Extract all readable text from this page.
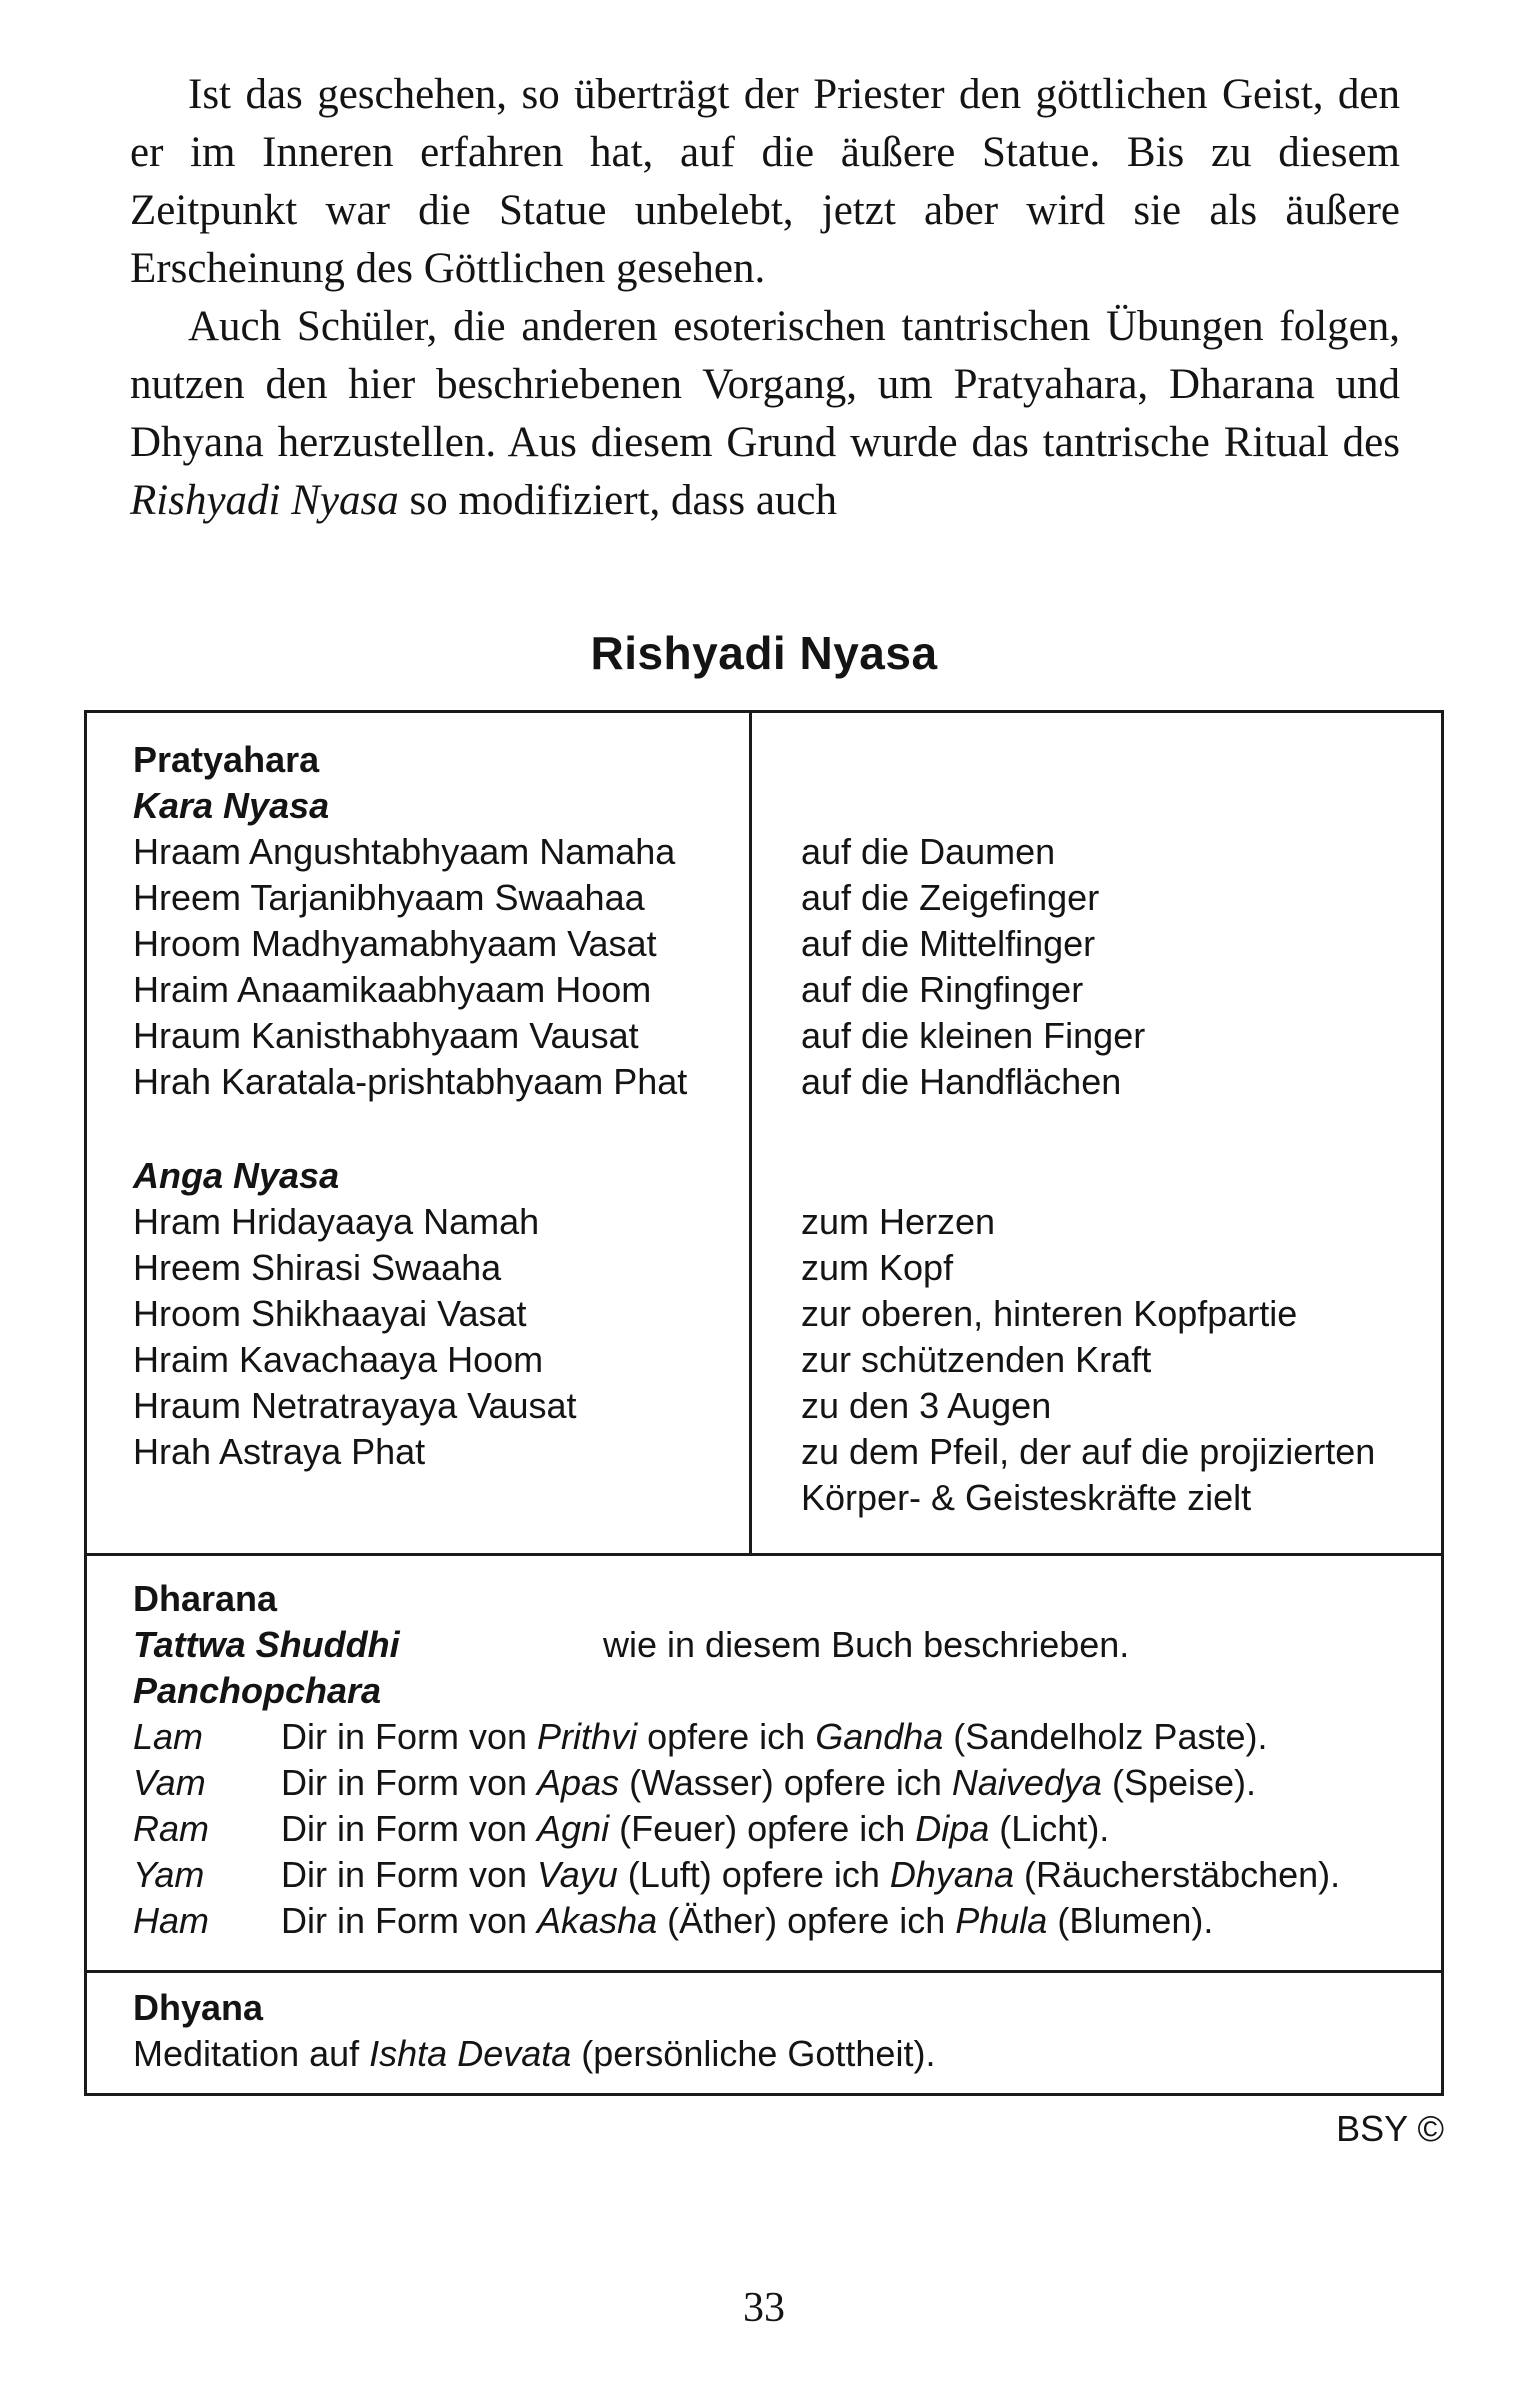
Ist das geschehen, so überträgt der Priester den göttlichen Geist, den er im Inneren erfahren hat, auf die äußere Statue. Bis zu diesem Zeitpunkt war die Statue unbelebt, jetzt aber wird sie als äußere Erscheinung des Göttlichen gesehen.

Auch Schüler, die anderen esoterischen tantrischen Übungen folgen, nutzen den hier beschriebenen Vorgang, um Pratyahara, Dharana und Dhyana herzustellen. Aus diesem Grund wurde das tantrische Ritual des Rishyadi Nyasa so modifiziert, dass auch

Rishyadi Nyasa
Pratyahara
Kara Nyasa
Hraam Angushtabhyaam Namaha	auf die Daumen
Hreem Tarjanibhyaam Swaahaa	auf die Zeigefinger
Hroom Madhyamabhyaam Vasat	auf die Mittelfinger
Hraim Anaamikaabhyaam Hoom	auf die Ringfinger
Hraum Kanisthabhyaam Vausat	auf die kleinen Finger
Hrah Karatala-prishtabhyaam Phat	auf die Handflächen
Anga Nyasa
Hram Hridayaaya Namah	zum Herzen
Hreem Shirasi Swaaha	zum Kopf
Hroom Shikhaayai Vasat	zur oberen, hinteren Kopfpartie
Hraim Kavachaaya Hoom	zur schützenden Kraft
Hraum Netratrayaya Vausat	zu den 3 Augen
Hrah Astraya Phat	zu dem Pfeil, der auf die projizierten Körper- & Geisteskräfte zielt
Dharana
Tattwa Shuddhi	wie in diesem Buch beschrieben.
Panchopchara
Lam	Dir in Form von Prithvi opfere ich Gandha (Sandelholz Paste).
Vam	Dir in Form von Apas (Wasser) opfere ich Naivedya (Speise).
Ram	Dir in Form von Agni (Feuer) opfere ich Dipa (Licht).
Yam	Dir in Form von Vayu (Luft) opfere ich Dhyana (Räucherstäbchen).
Ham	Dir in Form von Akasha (Äther) opfere ich Phula (Blumen).
Dhyana
Meditation auf Ishta Devata (persönliche Gottheit).
BSY ©
33
